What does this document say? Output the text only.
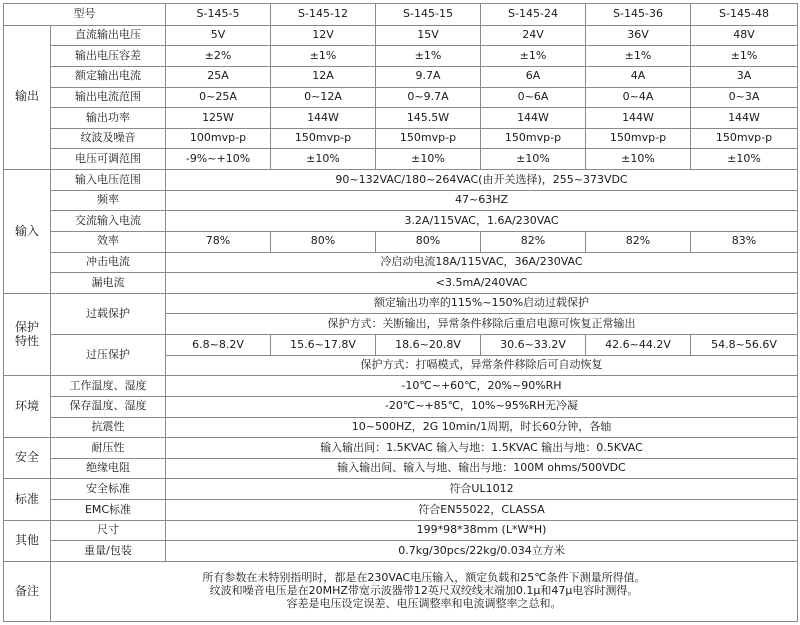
型号		S-145-5	S-145-12	S-145-15	S-145-24	S-145-36	S-145-48
输出	直流输出电压	5V	12V	15V	24V	36V	48V
	输出电压容差	±2%	±1%	±1%	±1%	±1%	±1%
	额定输出电流	25A	12A	9.7A	6A	4A	3A
	输出电流范围	0~25A	0~12A	0~9.7A	0~6A	0~4A	0~3A
	输出功率	125W	144W	145.5W	144W	144W	144W
	纹波及噪音	100mvp-p	150mvp-p	150mvp-p	150mvp-p	150mvp-p	150mvp-p
	电压可调范围	-9%~+10%	±10%	±10%	±10%	±10%	±10%
输入	输入电压范围	90~132VAC/180~264VAC(由开关选择)，255~373VDC					
	频率	47~63HZ					
	交流输入电流	3.2A/115VAC，1.6A/230VAC					
	效率	78%	80%	80%	82%	82%	83%
	冲击电流	冷启动电流18A/115VAC，36A/230VAC					
	漏电流	<3.5mA/240VAC					
保护
特性	过载保护	额定输出功率的115%~150%启动过载保护					
		保护方式：关断输出，异常条件移除后重启电源可恢复正常输出					
	过压保护	6.8~8.2V	15.6~17.8V	18.6~20.8V	30.6~33.2V	42.6~44.2V	54.8~56.6V
		保护方式：打嗝模式，异常条件移除后可自动恢复					
环境	工作温度、湿度	-10℃~+60℃，20%~90%RH					
	保存温度、湿度	-20℃~+85℃，10%~95%RH无冷凝					
	抗震性	10~500HZ，2G 10min/1周期，时长60分钟，各轴					
安全	耐压性	输入输出间：1.5KVAC 输入与地：1.5KVAC 输出与地：0.5KVAC					
	绝缘电阻	输入输出间、输入与地、输出与地：100M ohms/500VDC					
标准	安全标准	符合UL1012					
	EMC标准	符合EN55022，CLASSA					
其他	尺寸	199*98*38mm (L*W*H)					
	重量/包装	0.7kg/30pcs/22kg/0.034立方米					
备注	所有参数在未特别指明时，都是在230VAC电压输入，额定负载和25℃条件下测量所得值。
纹波和噪音电压是在20MHZ带宽示波器带12英尺双绞线末端加0.1μ和47μ电容时测得。
容差是电压设定误差、电压调整率和电流调整率之总和。						
